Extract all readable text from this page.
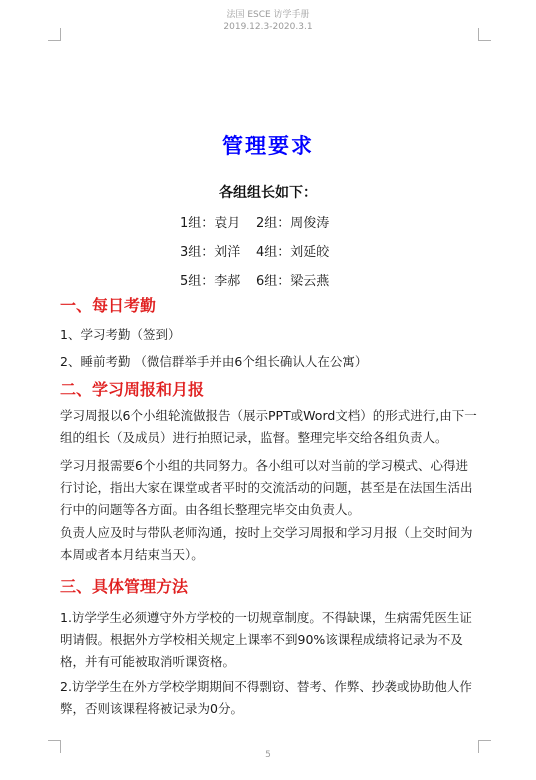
法国 ESCE 访学手册
2019.12.3-2020.3.1
管理要求
各组组长如下：
1组：袁月 2组：周俊涛
3组：刘洋 4组：刘延皎
5组：李郝 6组：梁云燕
一、每日考勤
1、学习考勤（签到）
2、睡前考勤 （微信群举手并由6个组长确认人在公寓）
二、学习周报和月报
学习周报以6个小组轮流做报告（展示PPT或Word文档）的形式进行,由下一组的组长（及成员）进行拍照记录，监督。整理完毕交给各组负责人。
学习月报需要6个小组的共同努力。各小组可以对当前的学习模式、心得进行讨论，指出大家在课堂或者平时的交流活动的问题，甚至是在法国生活出行中的问题等各方面。由各组长整理完毕交由负责人。
负责人应及时与带队老师沟通，按时上交学习周报和学习月报（上交时间为本周或者本月结束当天）。
三、具体管理方法
1.访学学生必须遵守外方学校的一切规章制度。不得缺课，生病需凭医生证明请假。根据外方学校相关规定上课率不到90%该课程成绩将记录为不及格，并有可能被取消听课资格。
2.访学学生在外方学校学期期间不得剽窃、替考、作弊、抄袭或协助他人作弊，否则该课程将被记录为0分。
5
